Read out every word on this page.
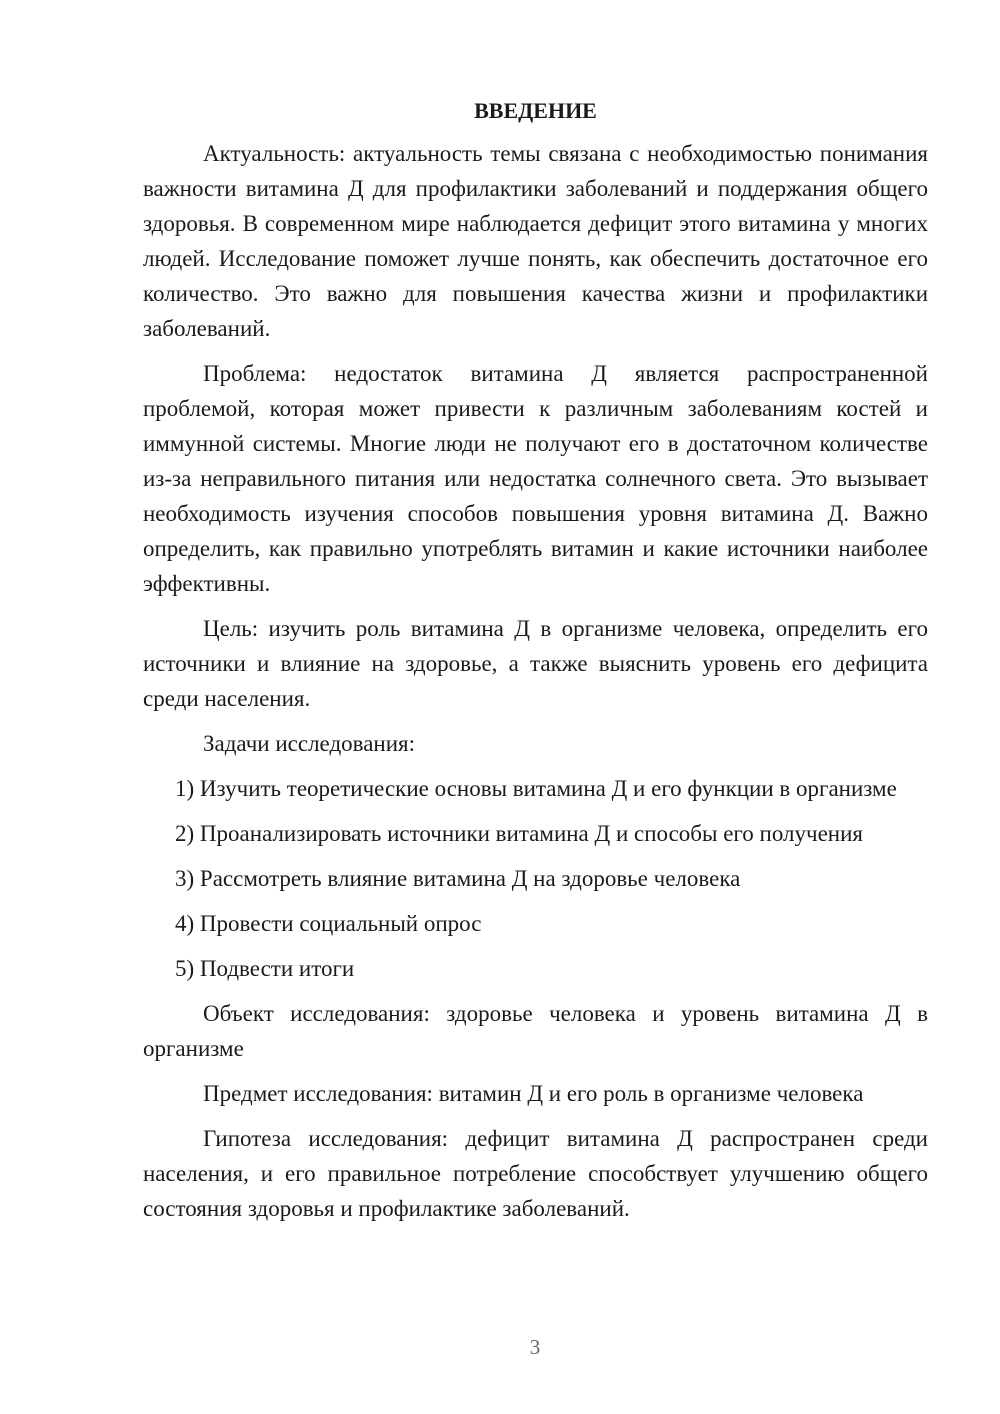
ВВЕДЕНИЕ

Актуальность: актуальность темы связана с необходимостью понимания важности витамина Д для профилактики заболеваний и поддержания общего здоровья. В современном мире наблюдается дефицит этого витамина у многих людей. Исследование поможет лучше понять, как обеспечить достаточное его количество. Это важно для повышения качества жизни и профилактики заболеваний.

Проблема: недостаток витамина Д является распространенной проблемой, которая может привести к различным заболеваниям костей и иммунной системы. Многие люди не получают его в достаточном количестве из-за неправильного питания или недостатка солнечного света. Это вызывает необходимость изучения способов повышения уровня витамина Д. Важно определить, как правильно употреблять витамин и какие источники наиболее эффективны.

Цель: изучить роль витамина Д в организме человека, определить его источники и влияние на здоровье, а также выяснить уровень его дефицита среди населения.

Задачи исследования:

1) Изучить теоретические основы витамина Д и его функции в организме

2) Проанализировать источники витамина Д и способы его получения

3) Рассмотреть влияние витамина Д на здоровье человека

4) Провести социальный опрос

5) Подвести итоги

Объект исследования: здоровье человека и уровень витамина Д в организме

Предмет исследования: витамин Д и его роль в организме человека

Гипотеза исследования: дефицит витамина Д распространен среди населения, и его правильное потребление способствует улучшению общего состояния здоровья и профилактике заболеваний.

3
